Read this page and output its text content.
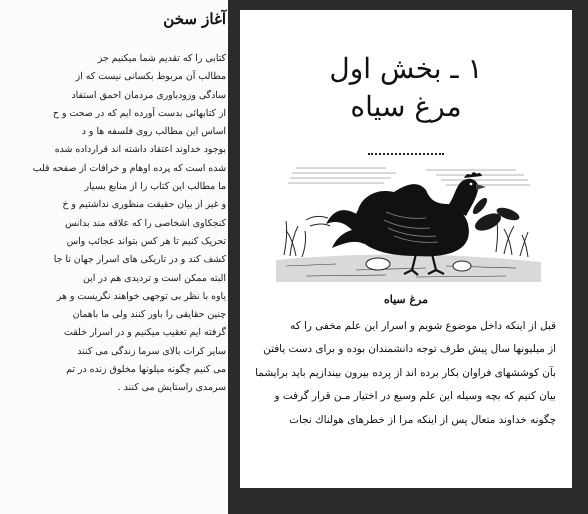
آغاز سخن
کتابی را که تقدیم شما میکنیم جز
مطالب آن مربوط بکسانی نیست که از
سادگی وزودباوری مردمان احمق استفاد
از کتابهائی بدست آورده ایم که در صحت و ح
اساس این مطالب روی فلسفه ها و د
بوجود خداوند اعتقاد داشته اند قرارداده شده
شده است که پرده اوهام و خرافات از صفحه قلب
ما مطالب این کتاب را از منابع بسیار
و غیر از بیان حقیقت منظوری نداشتیم و خ
کنجکاوی اشخاصی را که علاقه مند بدانس
تحریک کنیم تا هر کس بتواند عجائب واس
کشف کند و در تاریکی های اسرار جهان تا جا
البته ممکن است و تردیدی هم در این
یاوه با نظر بی توجهی خواهند نگریست و هر
چنین حقایقی را باور کنند ولی ما باهمان
گرفته ایم تعقیب میکنیم و در اسرار خلقت
سایر کرات بالای سرما زندگی می کنند
می کنیم چگونه میلونها مخلوق زنده در تم
سرمدی راستایش می کنند .
۱ ـ بخش اول
مرغ سیاه
مرغ سیاه
قبل از اینکه داخل موضوع شویم و اسرار این علم مخفی را که
از میلیونها سال پیش طرف توجه دانشمندان بوده و برای دست یافتن
بآن کوششهای فراوان بکار برده اند از پرده بیرون بیندازیم باید برایشما
بیان کنیم که بچه وسیله این علم وسیع در اختیار مـن قرار گرفت و
چگونه خداوند متعال پس از اینکه مرا از خطرهای هولناك نجات
